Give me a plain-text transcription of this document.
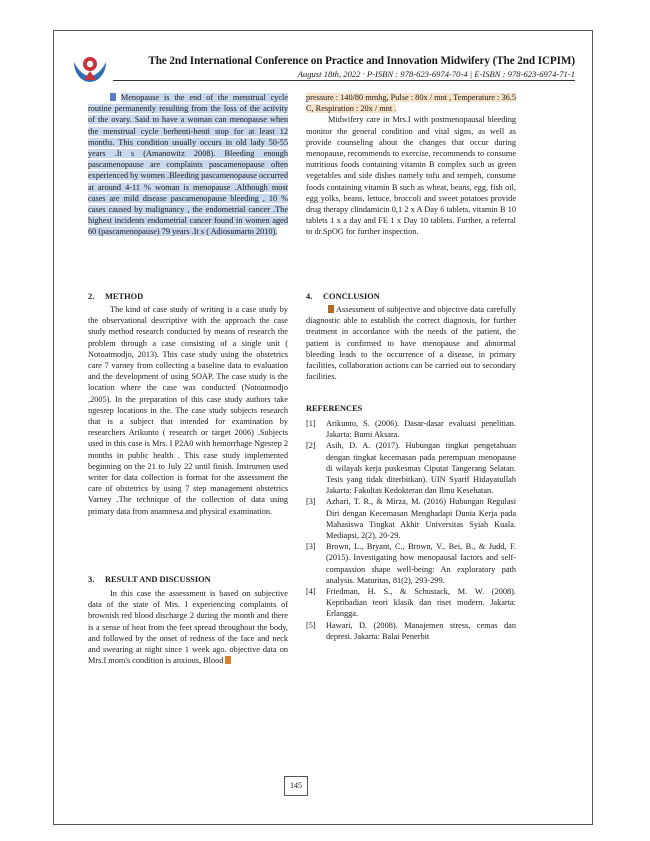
The 2nd International Conference on Practice and Innovation Midwifery (The 2nd ICPIM)
August 18th, 2022 · P-ISBN : 978-623-6974-70-4 | E-ISBN : 978-623-6974-71-1

Menopause is the end of the menstrual cycle routine permanently resulting from the loss of the activity of the ovary. Said to have a woman can menopause when the menstrual cycle berhenti-henti stop for at least 12 months. This condition usually occurs in old lady 50-55 years .It s (Amanowitz 2008). Bleeding enough pascamenopause are complaints pascamenopause often experienced by women .Bleeding pascamenopause occurred at around 4-11 % woman is menopause .Although most cases are mild disease pascamenopause bleeding , 10 % cases caused by malignancy , the endometrial cancer .The highest incidents endometrial cancer found in women aged 60 (pascamenopause) 79 years .It s ( Adiosumarto 2010).

2. METHOD

The kind of case study of writing is a case study by the observational descriptive with the approach the case study method research conducted by means of research the problem through a case consisting of a single unit ( Notoatmodjo, 2013). This case study using the obstetrics care 7 varney from collecting a baseline data to evaluation and the development of using SOAP. The case study is the location where the case was conducted (Notoatmodjo ,2005). In the preparation of this case study authors take ngesrep locations in the. The case study subjects research that is a subject that intended for examination by researchers Arikunto ( research or target 2006) .Subjects used in this case is Mrs. I P2A0 with hemorrhage Ngesrep 2 months in public health . This case study implemented beginning on the 21 to July 22 until finish. Instrumen used writer for data collection is format for the assessment the care of obstetrics by using 7 step management obstetrics Varney .The technique of the collection of data using primary data from anamnesa and physical examination.

3. RESULT AND DISCUSSION

In this case the assessment is based on subjective data of the state of Mrs. I experiencing complaints of brownish red blood discharge 2 during the month and there is a sense of heat from the feet spread throughout the body, and followed by the onset of redness of the face and neck and swearing at night since 1 week ago. objective data on Mrs.I mom's condition is anxious, Blood

pressure : 140/80 mmhg, Pulse : 80x / mnt , Temperature : 36.5 C, Respiration : 20x / mnt .

Midwifery care in Mrs.I with postmenopausal bleeding monitor the general condition and vital signs, as well as provide counseling about the changes that occur during menopause, recommends to exercise, recommends to consume nutritious foods containing vitamin B complex such as green vegetables and side dishes namely tofu and tempeh, consume foods containing vitamin B such as wheat, beans, egg, fish oil, egg yolks, beans, lettuce, broccoli and sweet potatoes provide drug therapy clindamicin 0,1 2 x A Day 6 tablets, vitamin B 10 tablets 1 x a day and FE 1 x Day 10 tablets. Further, a referral to dr.SpOG for further inspection.

4. CONCLUSION

Assessment of subjective and objective data carefully diagnostic able to establish the correct diagnosis, for further treatment in accordance with the needs of the patient, the patient is confirmed to have menopause and abnormal bleeding leads to the occurrence of a disease, in primary facilities, collaboration actions can be carried out to secondary facilities.

REFERENCES
[1]	Arikunto, S. (2006). Dasar-dasar evaluasi penelitian. Jakarta: Bumi Aksara.
[2]	Asih, D. A. (2017). Hubungan tingkat pengetahuan dengan tingkat kecemasan pada perempuan menopause di wilayah kerja puskesmas Ciputat Tangerang Selatan. Tesis yang tidak diterbitkan). UIN Syarif Hidayatullah Jakarta: Fakultas Kedokteran dan Ilmu Kesehatan.
[3]	Azhari, T. R., & Mirza, M. (2016) Hubungan Regulasi Diri dengan Kecemasan Menghadapi Dunia Kerja pada Mahasiswa Tingkat Akhir Universitas Syiah Kuala. Mediapsi, 2(2), 20-29.
[3]	Brown, L., Bryant, C., Brown, V., Bei, B., & Judd, F. (2015). Investigating how menopausal factors and self-compassion shape well-being: An exploratory path analysis. Maturitas, 81(2), 293-299.
[4]	Friedman, H. S., & Schustack, M. W. (2008). Kepribadian teori klasik dan riset modern. Jakarta: Erlangga.
[5]	Hawari, D. (2008). Manajemen stress, cemas dan depresi. Jakarta: Balai Penerbit
145
